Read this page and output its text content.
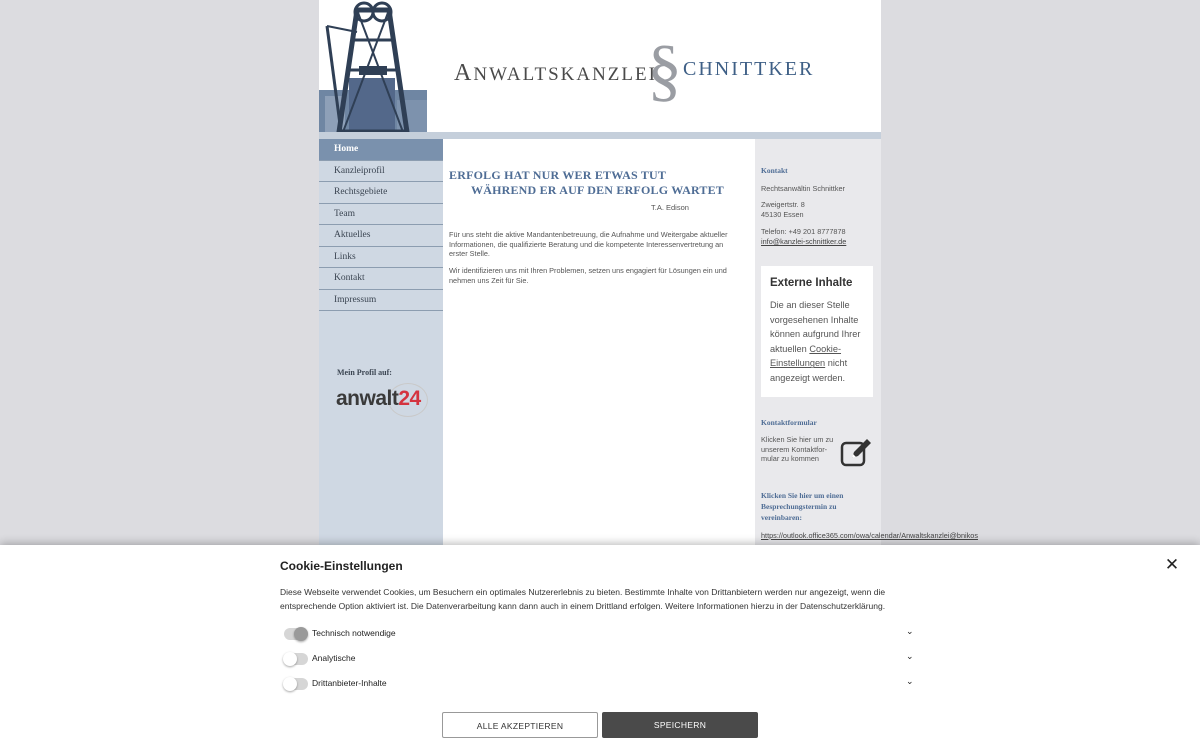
ANWALTSKANZLEI
§ CHNITTKER
Home
Kanzleiprofil
Rechtsgebiete
Team
Aktuelles
Links
Kontakt
Impressum
Mein Profil auf:
anwalt24
ERFOLG HAT NUR WER ETWAS TUT
WÄHREND ER AUF DEN ERFOLG WARTET
T.A. Edison

Für uns steht die aktive Mandantenbetreuung, die Aufnahme und Weitergabe aktueller Informationen, die qualifizierte Beratung und die kompetente Interessenvertretung an erster Stelle.

Wir identifizieren uns mit Ihren Problemen, setzen uns engagiert für Lösungen ein und nehmen uns Zeit für Sie.

Kontakt
Rechtsanwältin Schnittker
Zweigertstr. 8
45130 Essen
Telefon: +49 201 8777878
info@kanzlei-schnittker.de
Externe Inhalte
Die an dieser Stelle vorgesehenen Inhalte können aufgrund Ihrer aktuellen Cookie-Einstellungen nicht angezeigt werden.
Kontaktformular
Klicken Sie hier um zu unserem Kontaktfor-mular zu kommen
Klicken Sie hier um einen Besprechungstermin zu vereinbaren:
https://outlook.office365.com/owa/calendar/Anwaltskanzlei@bnikos
Cookie-Einstellungen	✕

Diese Webseite verwendet Cookies, um Besuchern ein optimales Nutzererlebnis zu bieten. Bestimmte Inhalte von Drittanbietern werden nur angezeigt, wenn die entsprechende Option aktiviert ist. Die Datenverarbeitung kann dann auch in einem Drittland erfolgen. Weitere Informationen hierzu in der Datenschutzerklärung.

Technisch notwendige	⌄
Analytische	⌄
Drittanbieter-Inhalte	⌄
ALLE AKZEPTIEREN	SPEICHERN
